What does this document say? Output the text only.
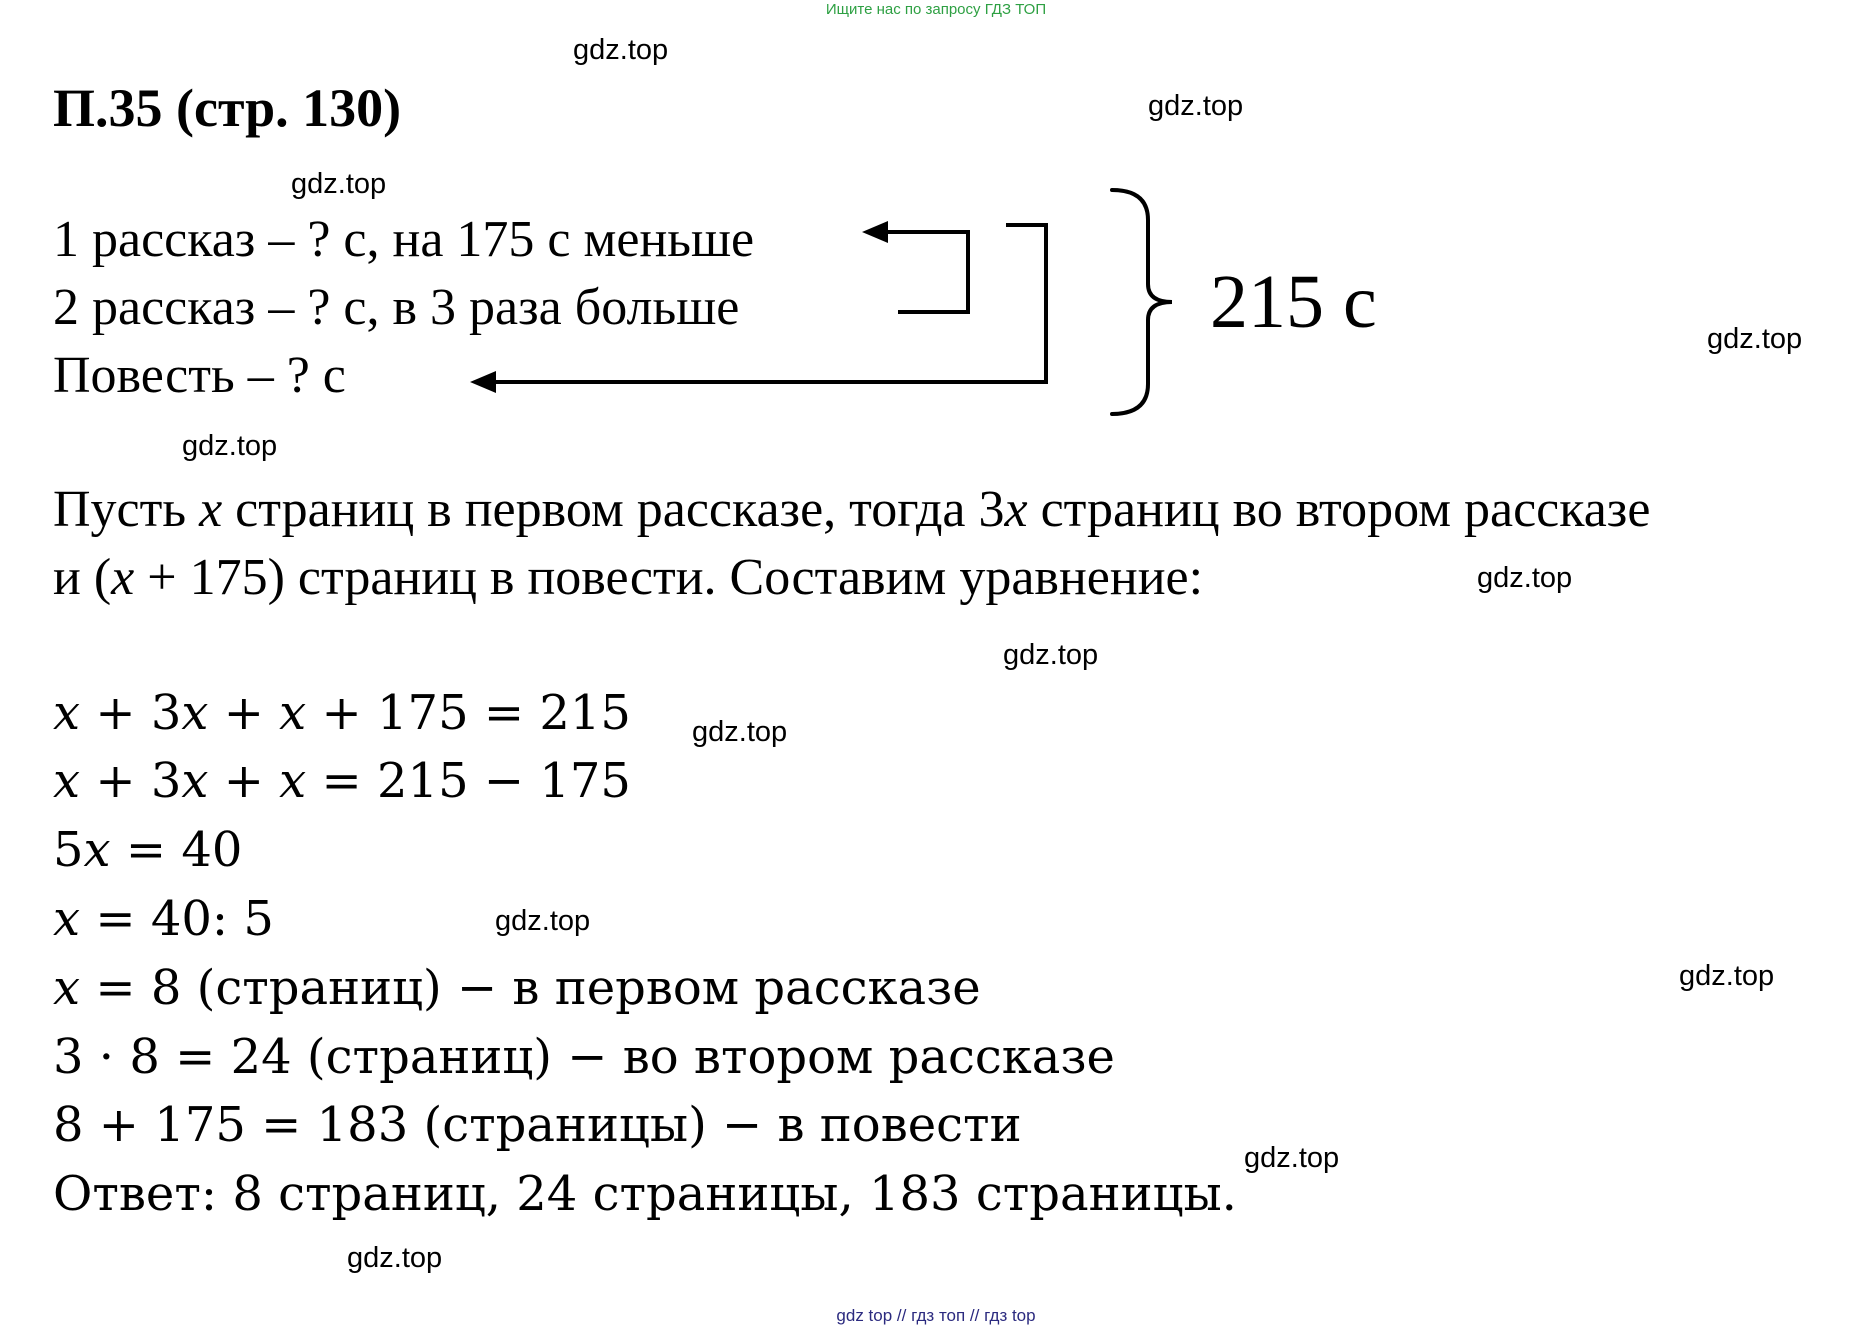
Ищите нас по запросу ГДЗ ТОП
gdz.top
gdz.top
gdz.top
gdz.top
gdz.top
gdz.top
gdz.top
gdz.top
gdz.top
gdz.top
gdz.top
gdz.top
П.35 (стр. 130)
1 рассказ – ? с, на 175 с меньше
2 рассказ – ? с, в 3 раза больше
Повесть – ? с
215 с
Пусть x страниц в первом рассказе, тогда 3x страниц во втором рассказе
и (x + 175) страниц в повести. Составим уравнение:
x + 3x + x + 175 = 215
x + 3x + x = 215 − 175
5x = 40
x = 40: 5
x = 8 (страниц) − в первом рассказе
3 · 8 = 24 (страниц) − во втором рассказе
8 + 175 = 183 (страницы) − в повести
Ответ: 8 страниц, 24 страницы, 183 страницы.
gdz top // гдз топ // гдз top
